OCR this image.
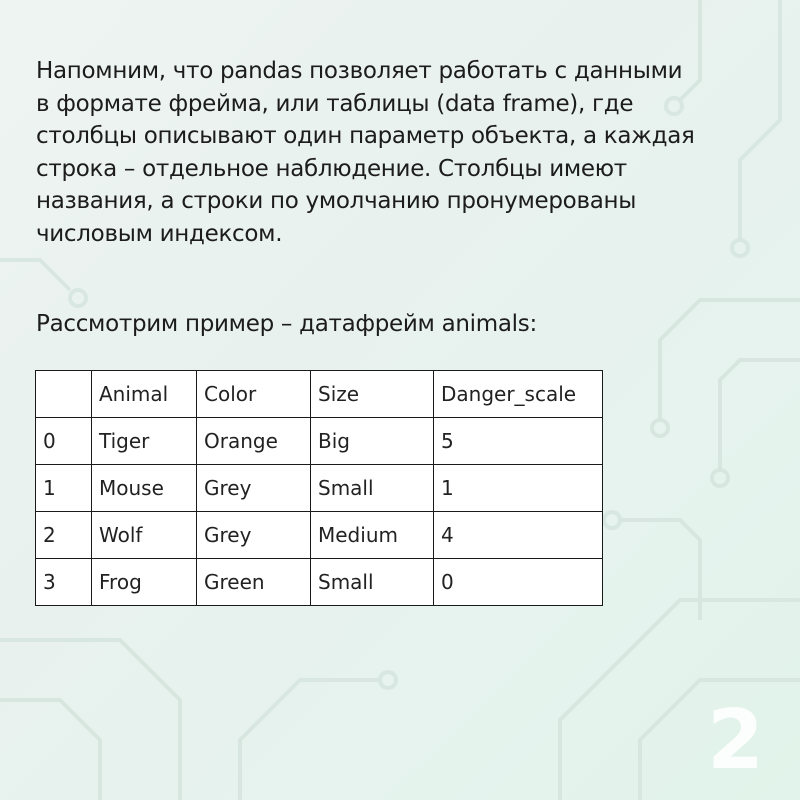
Напомним, что pandas позволяет работать с данными
в формате фрейма, или таблицы (data frame), где
столбцы описывают один параметр объекта, а каждая
строка – отдельное наблюдение. Столбцы имеют
названия, а строки по умолчанию пронумерованы
числовым индексом.

Рассмотрим пример – датафрейм animals:

	Animal	Color	Size	Danger_scale
0	Tiger	Orange	Big	5
1	Mouse	Grey	Small	1
2	Wolf	Grey	Medium	4
3	Frog	Green	Small	0
2
